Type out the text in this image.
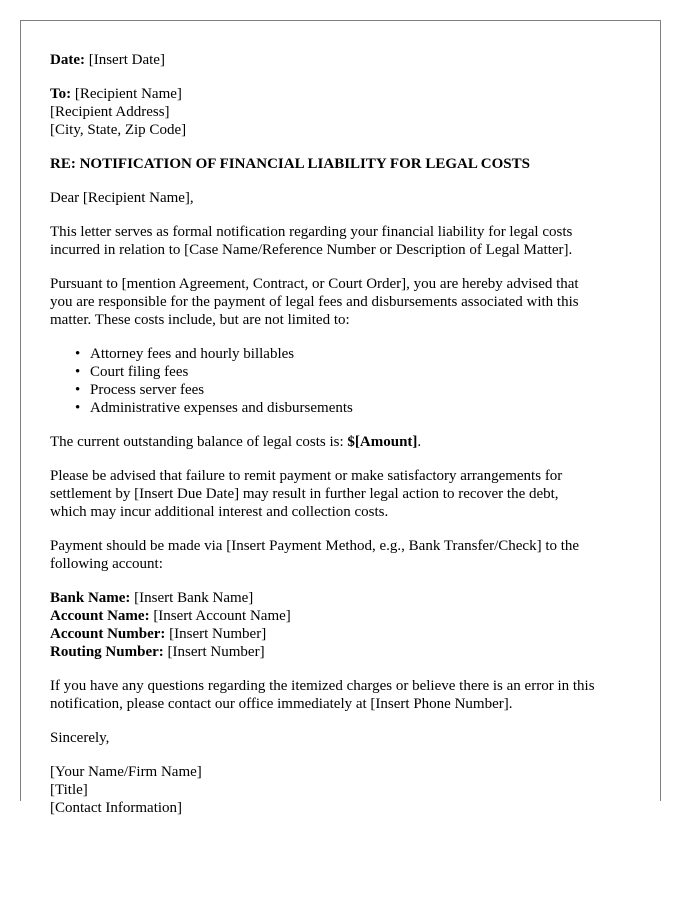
Date: [Insert Date]

To: [Recipient Name]
[Recipient Address]
[City, State, Zip Code]

RE: NOTIFICATION OF FINANCIAL LIABILITY FOR LEGAL COSTS

Dear [Recipient Name],

This letter serves as formal notification regarding your financial liability for legal costs
incurred in relation to [Case Name/Reference Number or Description of Legal Matter].

Pursuant to [mention Agreement, Contract, or Court Order], you are hereby advised that
you are responsible for the payment of legal fees and disbursements associated with this
matter. These costs include, but are not limited to:

• Attorney fees and hourly billables
• Court filing fees
• Process server fees
• Administrative expenses and disbursements

The current outstanding balance of legal costs is: $[Amount].

Please be advised that failure to remit payment or make satisfactory arrangements for
settlement by [Insert Due Date] may result in further legal action to recover the debt,
which may incur additional interest and collection costs.

Payment should be made via [Insert Payment Method, e.g., Bank Transfer/Check] to the
following account:

Bank Name: [Insert Bank Name]
Account Name: [Insert Account Name]
Account Number: [Insert Number]
Routing Number: [Insert Number]

If you have any questions regarding the itemized charges or believe there is an error in this
notification, please contact our office immediately at [Insert Phone Number].

Sincerely,

[Your Name/Firm Name]
[Title]
[Contact Information]
